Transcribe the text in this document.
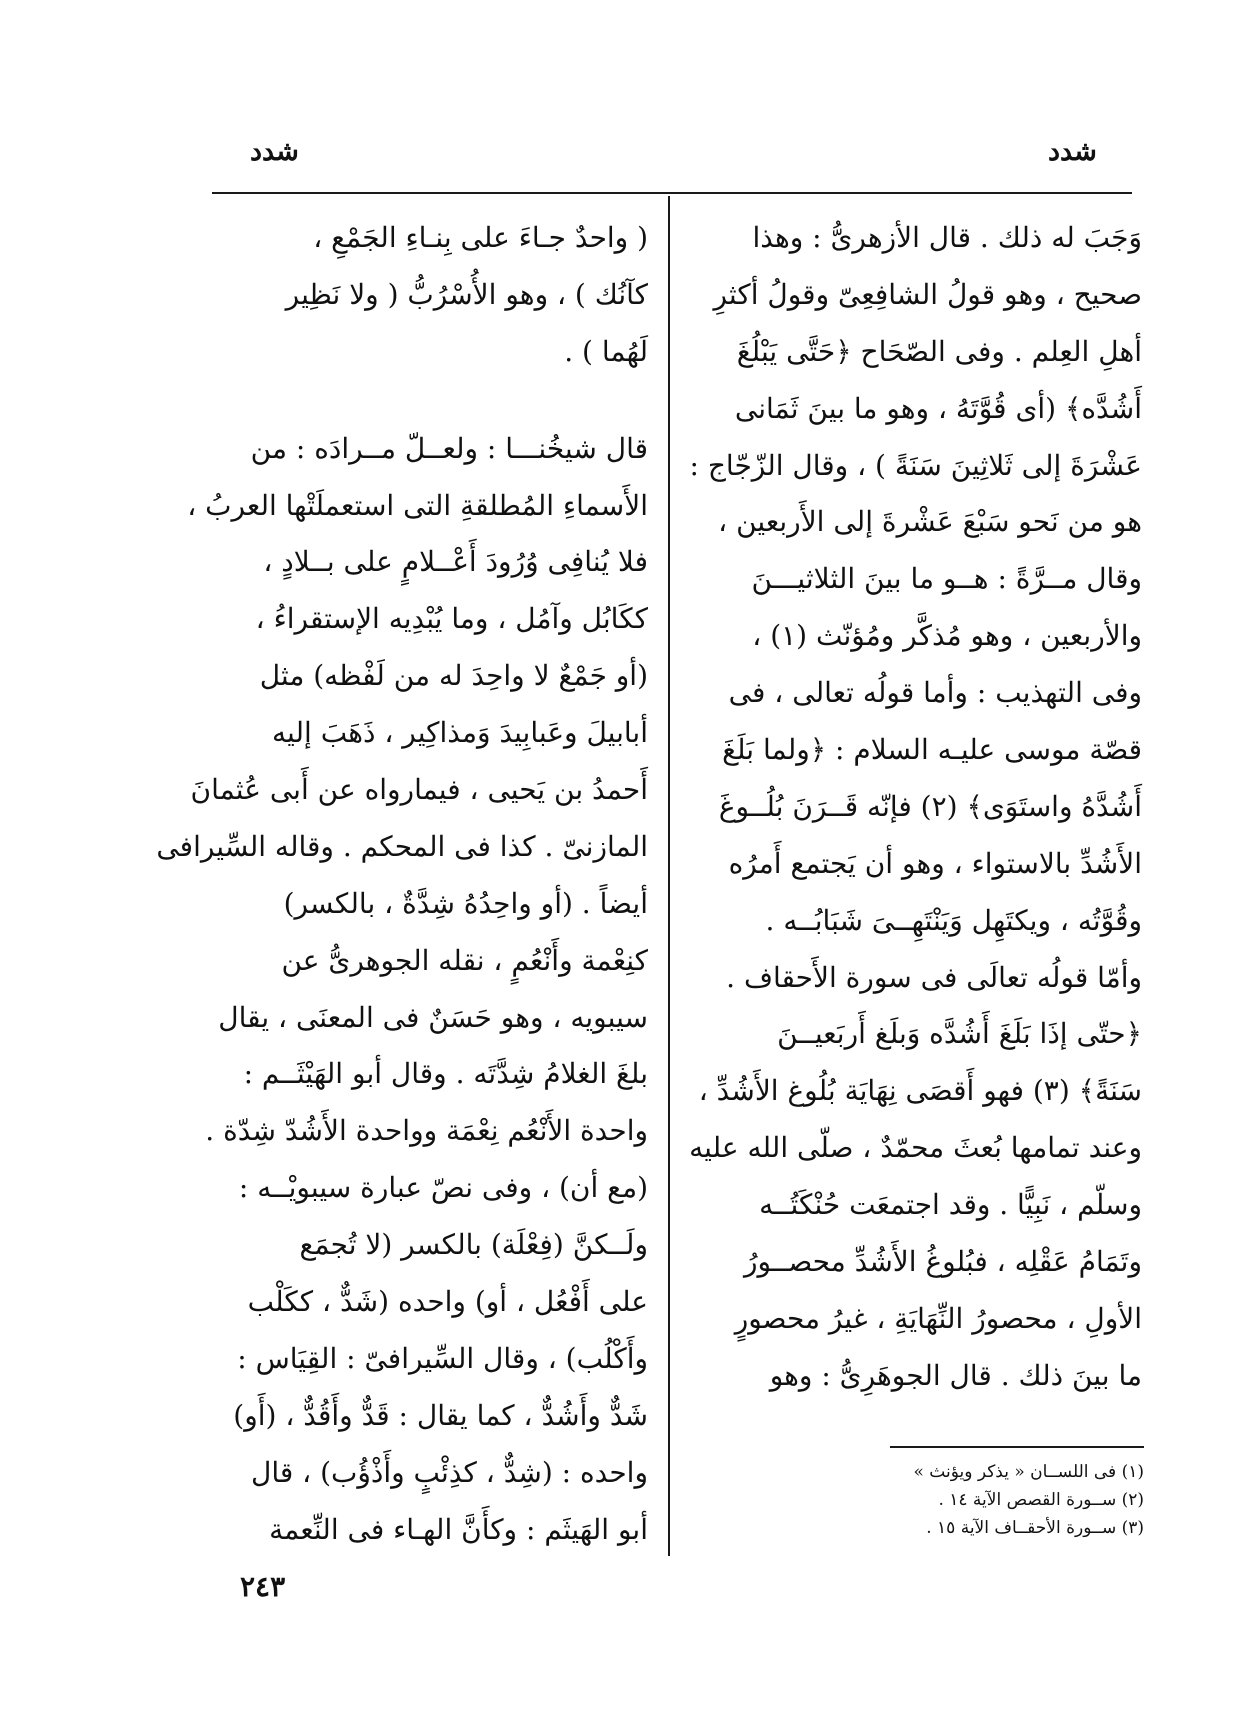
شدد	شدد
وَجَبَ له ذلك . قال الأزهرىُّ : وهذا
صحيح ، وهو قولُ الشافِعِىّ وقولُ أكثرِ
أهلِ العِلم . وفى الصّحَاح ﴿حَتَّى يَبْلُغَ
أَشُدَّه﴾ (أى قُوَّتَهُ ، وهو ما بينَ ثَمَانى
عَشْرَةَ إلى ثَلاثِينَ سَنَةً ) ، وقال الزّجّاج :
هو من نَحو سَبْعَ عَشْرةَ إلى الأَربعين ،
وقال مــرَّةً : هــو ما بينَ الثلاثيـــنَ
والأربعين ، وهو مُذكَّر ومُؤنّث (١) ،
وفى التهذيب : وأما قولُه تعالى ، فى
قصّة موسى عليـه السلام : ﴿ولما بَلَغَ
أَشُدَّهُ واستَوَى﴾ (٢) فإنّه قَــرَنَ بُلُــوغَ
الأَشُدِّ بالاستواء ، وهو أن يَجتمع أَمرُه
وقُوَّتُه ، ويكتَهِل وَيَنْتَهِــىَ شَبَابُــه .
وأمّا قولُه تعالَى فى سورة الأَحقاف .
﴿حتّى إذَا بَلَغَ أَشُدَّه وَبلَغ أَربَعيــنَ
سَنَةً﴾ (٣) فهو أَقصَى نِهَايَة بُلُوغ الأَشُدِّ ،
وعند تمامها بُعثَ محمّدٌ ، صلّى الله عليه
وسلّم ، نَبِيًّا . وقد اجتمعَت حُنْكَتُــه
وتَمَامُ عَقْلِه ، فبُلوغُ الأَشُدِّ محصــورُ
الأولِ ، محصورُ النِّهَايَةِ ، غيرُ محصورٍ
ما بينَ ذلك . قال الجوهَرِىُّ : وهو
( واحدٌ جـاءَ على بِنـاءِ الجَمْعِ ،
كآنُك ) ، وهو الأُسْرُبُّ ( ولا نَظِير
لَهُما ) .
قال شيخُنـــا : ولعــلّ مــرادَه : من
الأَسماءِ المُطلقةِ التى استعملَتْها العربُ ،
فلا يُنافِى وُرُودَ أَعْــلامٍ على بــلادٍ ،
ككَابُل وآمُل ، وما يُبْدِيه الإستقراءُ ،
(أو جَمْعٌ لا واحِدَ له من لَفْظه) مثل
أبابيلَ وعَبابِيدَ وَمذاكِير ، ذَهَبَ إليه
أَحمدُ بن يَحيى ، فيمارواه عن أَبى عُثمانَ
المازنىّ . كذا فى المحكم . وقاله السِّيرافى
أيضاً . (أو واحِدُهُ شِدَّةٌ ، بالكسر)
كنِعْمة وأَنْعُمٍ ، نقله الجوهرىُّ عن
سيبويه ، وهو حَسَنٌ فى المعنَى ، يقال
بلغَ الغلامُ شِدَّتَه . وقال أبو الهَيْثَــم :
واحدة الأَنْعُم نِعْمَة وواحدة الأَشُدّ شِدّة .
(مع أن) ، وفى نصّ عبارة سيبويْــه :
ولَــكنَّ (فِعْلَة) بالكسر (لا تُجمَع
على أَفْعُل ، أو) واحده (شَدٌّ ، ككَلْب
وأَكْلُب) ، وقال السِّيرافىّ : القِيَاس :
شَدٌّ وأَشُدٌّ ، كما يقال : قَدٌّ وأَقُدٌّ ، (أَو)
واحده : (شِدٌّ ، كذِئْبٍ وأَذْؤُب) ، قال
أبو الهَيثَم : وكأَنَّ الهـاء فى النِّعمة
(١) فى اللســان « يذكر ويؤنث »
(٢) ســورة القصص الآية ١٤ .
(٣) ســورة الأحقــاف الآية ١٥ .
٢٤٣
